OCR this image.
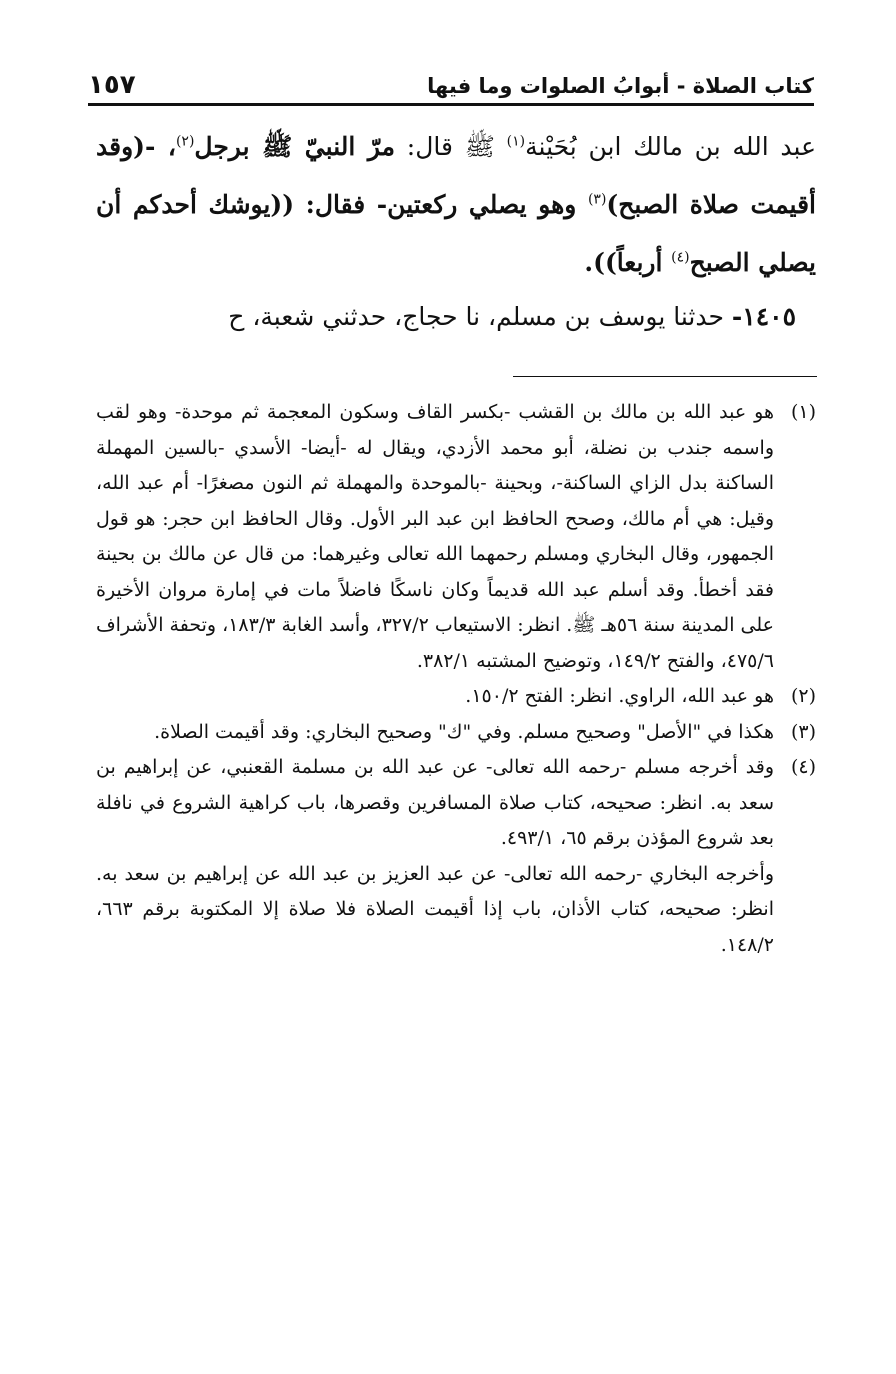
كتاب الصلاة - أبوابُ الصلوات وما فيها
١٥٧
عبد الله بن مالك ابن بُحَيْنة$^{(١)}$ ﷺ قال: مرّ النبيّ ﷺ برجل$^{(٢)}$، -(وقد أقيمت صلاة الصبح)$^{(٣)}$ وهو يصلي ركعتين- فقال: ((يوشك أحدكم أن يصلي الصبح$^{(٤)}$ أربعاً)).
١٤٠٥- حدثنا يوسف بن مسلم، نا حجاج، حدثني شعبة، ح
(١)
هو عبد الله بن مالك بن القشب -بكسر القاف وسكون المعجمة ثم موحدة- وهو لقب واسمه جندب بن نضلة، أبو محمد الأزدي، ويقال له -أيضا- الأسدي -بالسين المهملة الساكنة بدل الزاي الساكنة-، وبحينة -بالموحدة والمهملة ثم النون مصغرًا- أم عبد الله، وقيل: هي أم مالك، وصحح الحافظ ابن عبد البر الأول. وقال الحافظ ابن حجر: هو قول الجمهور، وقال البخاري ومسلم رحمهما الله تعالى وغيرهما: من قال عن مالك بن بحينة فقد أخطأ. وقد أسلم عبد الله قديماً وكان ناسكًا فاضلاً مات في إمارة مروان الأخيرة على المدينة سنة ٥٦هـ ﷺ. انظر: الاستيعاب ٣٢٧/٢، وأسد الغابة ١٨٣/٣، وتحفة الأشراف ٤٧٥/٦، والفتح ١٤٩/٢، وتوضيح المشتبه ٣٨٢/١.
(٢)
هو عبد الله، الراوي. انظر: الفتح ١٥٠/٢.
(٣)
هكذا في "الأصل" وصحيح مسلم. وفي "ك" وصحيح البخاري: وقد أقيمت الصلاة.
(٤)
وقد أخرجه مسلم -رحمه الله تعالى- عن عبد الله بن مسلمة القعنبي، عن إبراهيم بن سعد به. انظر: صحيحه، كتاب صلاة المسافرين وقصرها، باب كراهية الشروع في نافلة بعد شروع المؤذن برقم ٦٥، ٤٩٣/١.
وأخرجه البخاري -رحمه الله تعالى- عن عبد العزيز بن عبد الله عن إبراهيم بن سعد به. انظر: صحيحه، كتاب الأذان، باب إذا أقيمت الصلاة فلا صلاة إلا المكتوبة برقم ٦٦٣، ١٤٨/٢.
